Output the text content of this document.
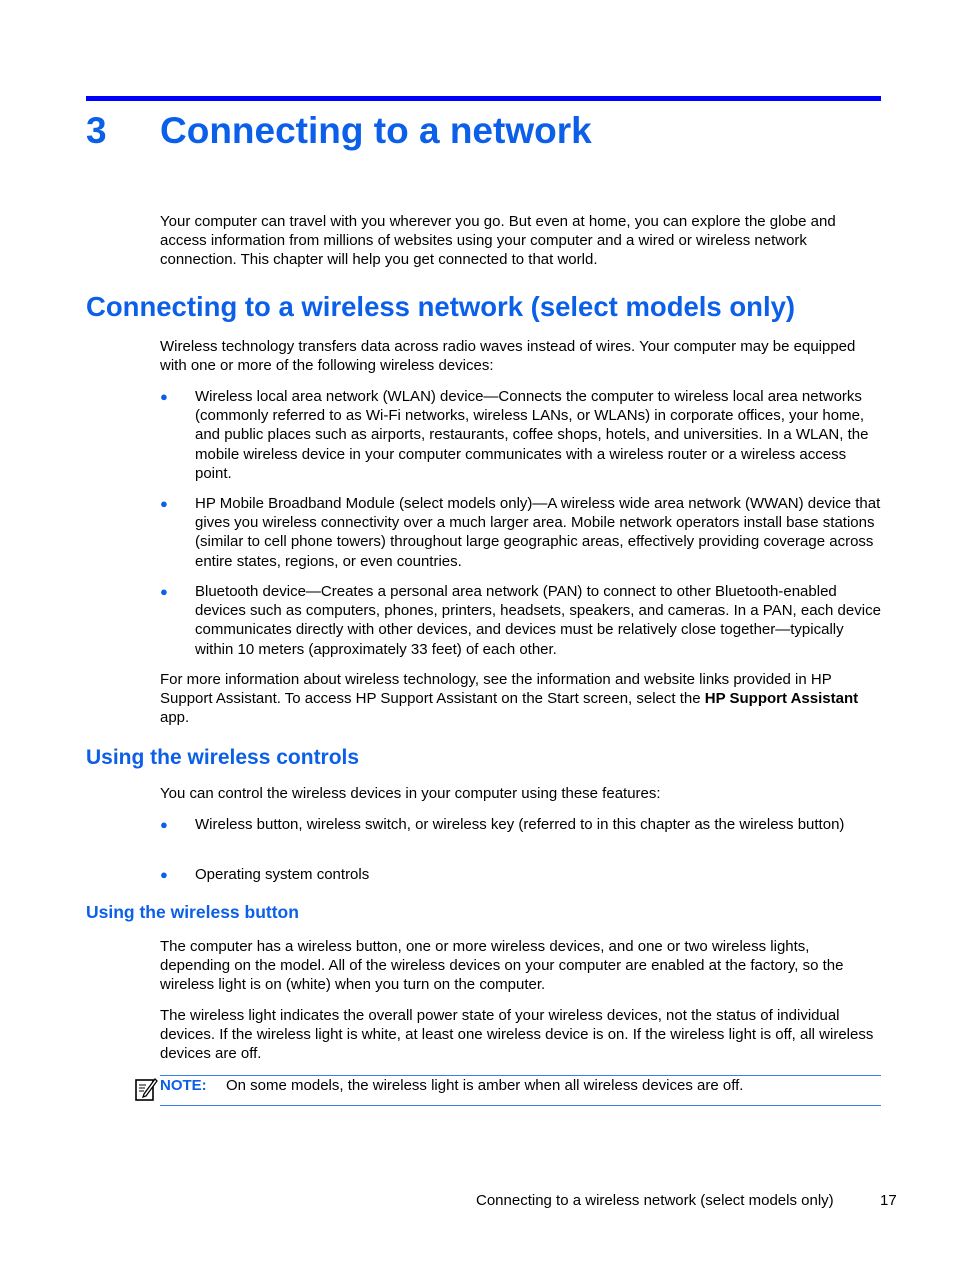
3 Connecting to a network

Your computer can travel with you wherever you go. But even at home, you can explore the globe and access information from millions of websites using your computer and a wired or wireless network connection. This chapter will help you get connected to that world.

Connecting to a wireless network (select models only)

Wireless technology transfers data across radio waves instead of wires. Your computer may be equipped with one or more of the following wireless devices:

● Wireless local area network (WLAN) device—Connects the computer to wireless local area networks (commonly referred to as Wi-Fi networks, wireless LANs, or WLANs) in corporate offices, your home, and public places such as airports, restaurants, coffee shops, hotels, and universities. In a WLAN, the mobile wireless device in your computer communicates with a wireless router or a wireless access point.
● HP Mobile Broadband Module (select models only)—A wireless wide area network (WWAN) device that gives you wireless connectivity over a much larger area. Mobile network operators install base stations (similar to cell phone towers) throughout large geographic areas, effectively providing coverage across entire states, regions, or even countries.
● Bluetooth device—Creates a personal area network (PAN) to connect to other Bluetooth-enabled devices such as computers, phones, printers, headsets, speakers, and cameras. In a PAN, each device communicates directly with other devices, and devices must be relatively close together—typically within 10 meters (approximately 33 feet) of each other.

For more information about wireless technology, see the information and website links provided in HP Support Assistant. To access HP Support Assistant on the Start screen, select the HP Support Assistant app.

Using the wireless controls

You can control the wireless devices in your computer using these features:

● Wireless button, wireless switch, or wireless key (referred to in this chapter as the wireless button)
● Operating system controls
Using the wireless button

The computer has a wireless button, one or more wireless devices, and one or two wireless lights, depending on the model. All of the wireless devices on your computer are enabled at the factory, so the wireless light is on (white) when you turn on the computer.

The wireless light indicates the overall power state of your wireless devices, not the status of individual devices. If the wireless light is white, at least one wireless device is on. If the wireless light is off, all wireless devices are off.

NOTE: On some models, the wireless light is amber when all wireless devices are off.
Connecting to a wireless network (select models only)	17
